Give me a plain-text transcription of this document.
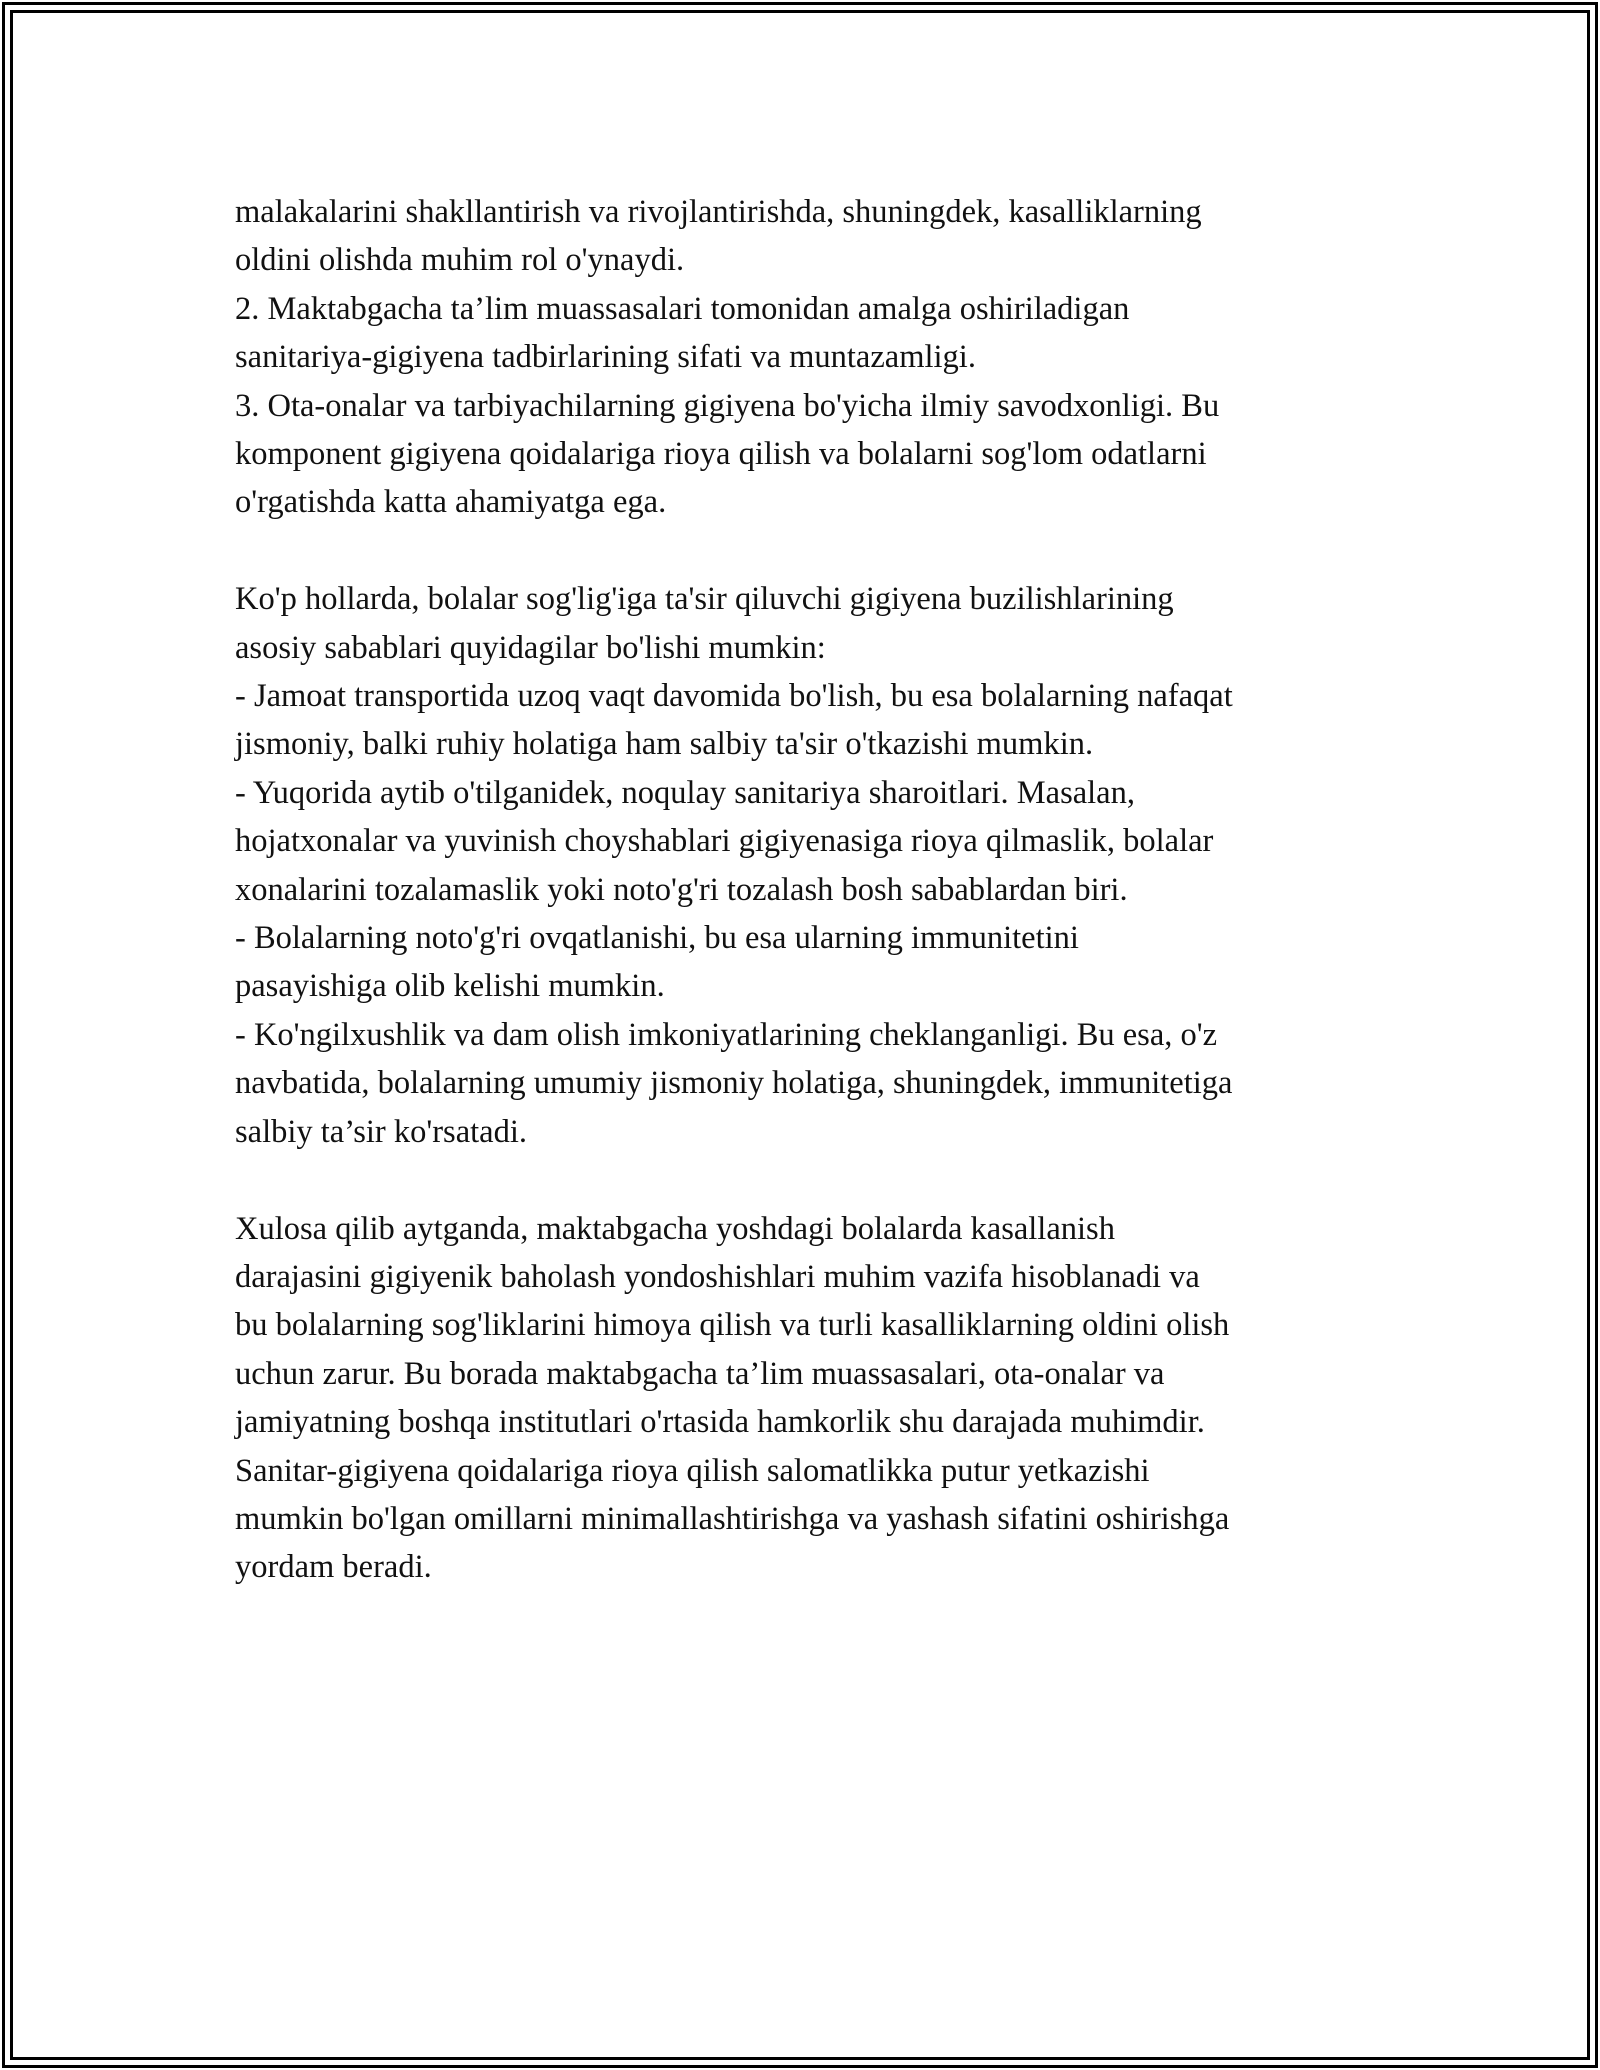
malakalarini shakllantirish va rivojlantirishda, shuningdek, kasalliklarning
oldini olishda muhim rol o'ynaydi.
2. Maktabgacha ta’lim muassasalari tomonidan amalga oshiriladigan
sanitariya-gigiyena tadbirlarining sifati va muntazamligi.
3. Ota-onalar va tarbiyachilarning gigiyena bo'yicha ilmiy savodxonligi. Bu
komponent gigiyena qoidalariga rioya qilish va bolalarni sog'lom odatlarni
o'rgatishda katta ahamiyatga ega.
Ko'p hollarda, bolalar sog'lig'iga ta'sir qiluvchi gigiyena buzilishlarining
asosiy sabablari quyidagilar bo'lishi mumkin:
- Jamoat transportida uzoq vaqt davomida bo'lish, bu esa bolalarning nafaqat
jismoniy, balki ruhiy holatiga ham salbiy ta'sir o'tkazishi mumkin.
- Yuqorida aytib o'tilganidek, noqulay sanitariya sharoitlari. Masalan,
hojatxonalar va yuvinish choyshablari gigiyenasiga rioya qilmaslik, bolalar
xonalarini tozalamaslik yoki noto'g'ri tozalash bosh sabablardan biri.
- Bolalarning noto'g'ri ovqatlanishi, bu esa ularning immunitetini
pasayishiga olib kelishi mumkin.
- Ko'ngilxushlik va dam olish imkoniyatlarining cheklanganligi. Bu esa, o'z
navbatida, bolalarning umumiy jismoniy holatiga, shuningdek, immunitetiga
salbiy ta’sir ko'rsatadi.
Xulosa qilib aytganda, maktabgacha yoshdagi bolalarda kasallanish
darajasini gigiyenik baholash yondoshishlari muhim vazifa hisoblanadi va
bu bolalarning sog'liklarini himoya qilish va turli kasalliklarning oldini olish
uchun zarur. Bu borada maktabgacha ta’lim muassasalari, ota-onalar va
jamiyatning boshqa institutlari o'rtasida hamkorlik shu darajada muhimdir.
Sanitar-gigiyena qoidalariga rioya qilish salomatlikka putur yetkazishi
mumkin bo'lgan omillarni minimallashtirishga va yashash sifatini oshirishga
yordam beradi.
